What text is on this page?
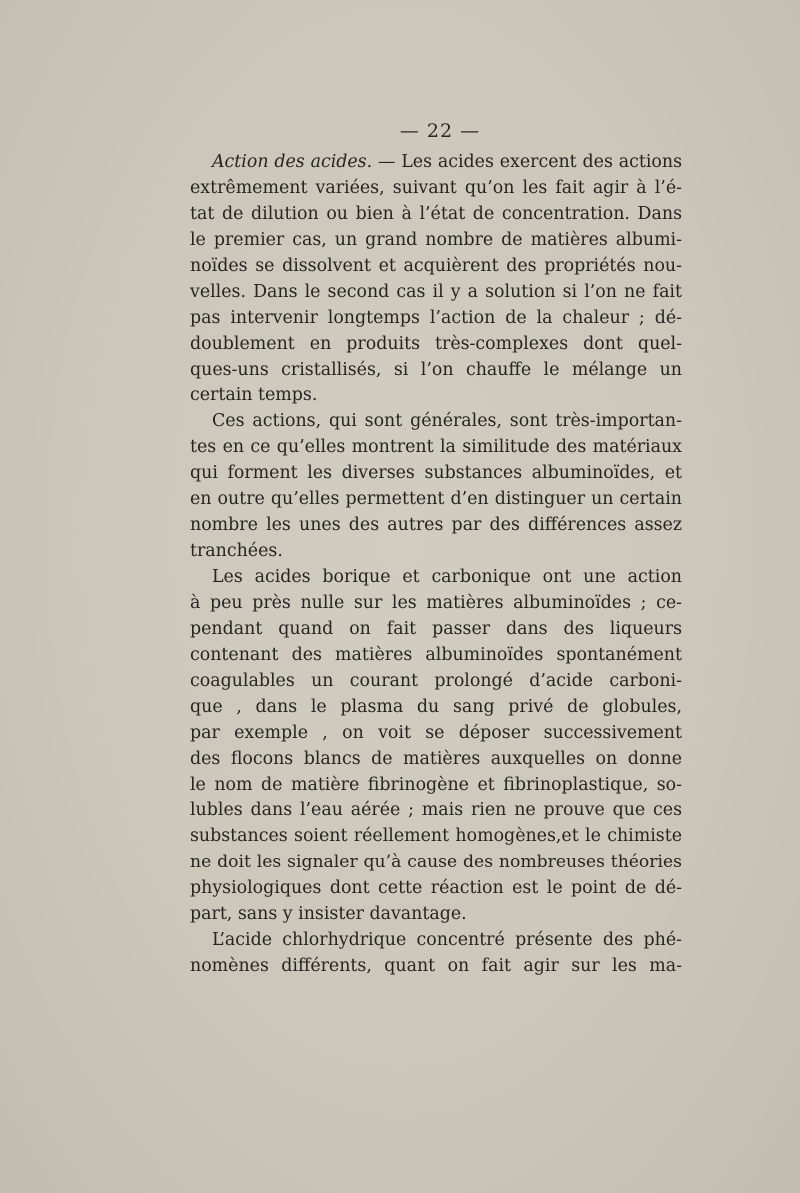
— 22 —
Action des acides. — Les acides exercent des actions
extrêmement variées, suivant qu’on les fait agir à l’é-
tat de dilution ou bien à l’état de concentration. Dans
le premier cas, un grand nombre de matières albumi-
noïdes se dissolvent et acquièrent des propriétés nou-
velles. Dans le second cas il y a solution si l’on ne fait
pas intervenir longtemps l’action de la chaleur ; dé-
doublement en produits très-complexes dont quel-
ques-uns cristallisés, si l’on chauffe le mélange un
certain temps.
Ces actions, qui sont générales, sont très-importan-
tes en ce qu’elles montrent la similitude des matériaux
qui forment les diverses substances albuminoïdes, et
en outre qu’elles permettent d’en distinguer un certain
nombre les unes des autres par des différences assez
tranchées.
Les acides borique et carbonique ont une action
à peu près nulle sur les matières albuminoïdes ; ce-
pendant quand on fait passer dans des liqueurs
contenant des matières albuminoïdes spontanément
coagulables un courant prolongé d’acide carboni-
que , dans le plasma du sang privé de globules,
par exemple , on voit se déposer successivement
des flocons blancs de matières auxquelles on donne
le nom de matière fibrinogène et fibrinoplastique, so-
lubles dans l’eau aérée ; mais rien ne prouve que ces
substances soient réellement homogènes,et le chimiste
ne doit les signaler qu’à cause des nombreuses théories
physiologiques dont cette réaction est le point de dé-
part, sans y insister davantage.
L’acide chlorhydrique concentré présente des phé-
nomènes différents, quant on fait agir sur les ma-
